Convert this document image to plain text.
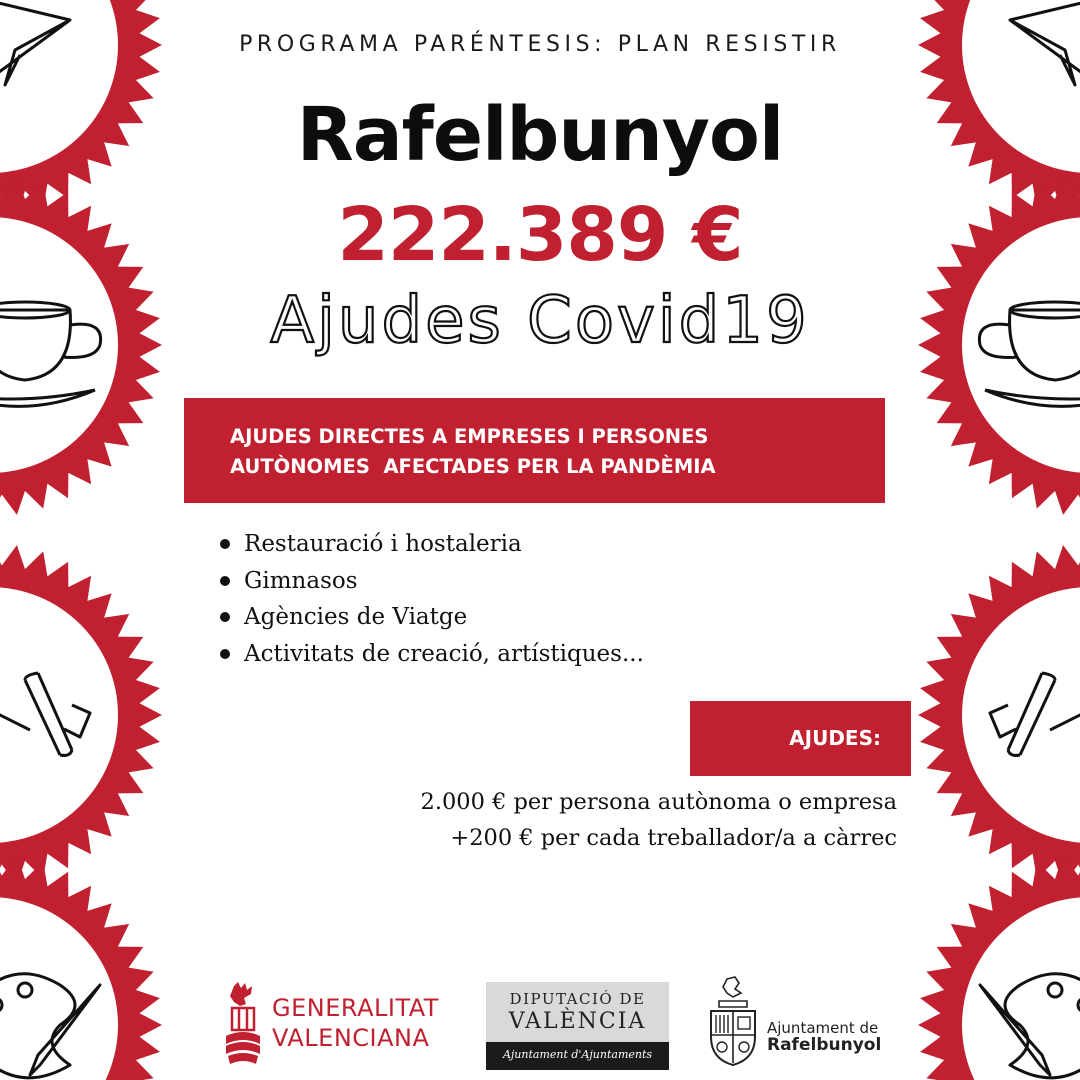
PROGRAMA PARÉNTESIS: PLAN RESISTIR
Rafelbunyol
222.389 €
Ajudes Covid19
AJUDES DIRECTES A EMPRESES I PERSONES
AUTÒNOMES  AFECTADES PER LA PANDÈMIA
Restauració i hostaleria
Gimnasos
Agències de Viatge
Activitats de creació, artístiques...
AJUDES:
2.000 € per persona autònoma o empresa
+200 € per cada treballador/a a càrrec
GENERALITAT
VALENCIANA
DIPUTACIÓ DE
VALÈNCIA
Ajuntament d'Ajuntaments
Ajuntament de
Rafelbunyol
